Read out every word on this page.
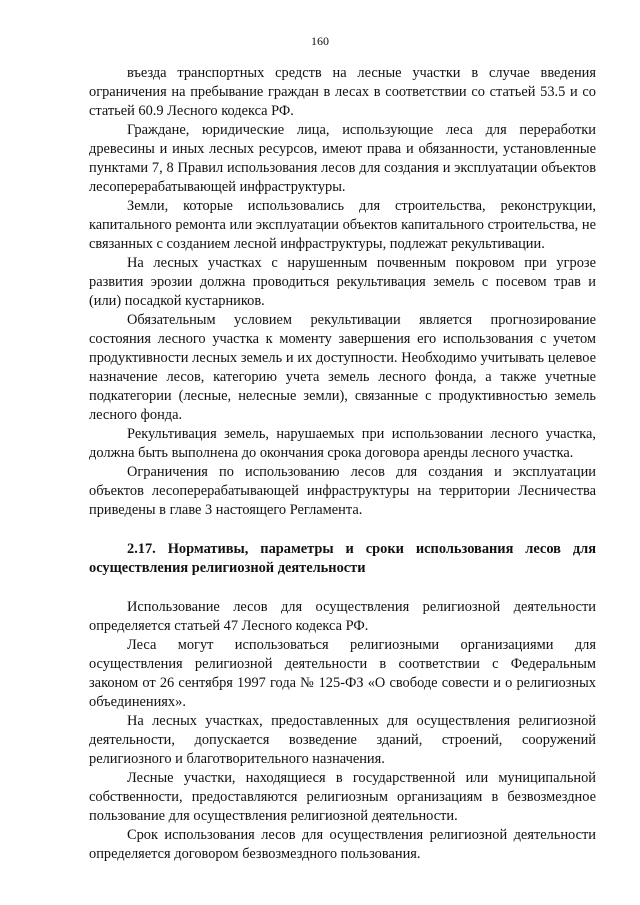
160

въезда транспортных средств на лесные участки в случае введения ограничения на пребывание граждан в лесах в соответствии со статьей 53.5 и со статьей 60.9 Лесного кодекса РФ.

Граждане, юридические лица, использующие леса для переработки древесины и иных лесных ресурсов, имеют права и обязанности, установленные пунктами 7, 8 Правил использования лесов для создания и эксплуатации объектов лесоперерабатывающей инфраструктуры.

Земли, которые использовались для строительства, реконструкции, капитального ремонта или эксплуатации объектов капитального строительства, не связанных с созданием лесной инфраструктуры, подлежат рекультивации.

На лесных участках с нарушенным почвенным покровом при угрозе развития эрозии должна проводиться рекультивация земель с посевом трав и (или) посадкой кустарников.

Обязательным условием рекультивации является прогнозирование состояния лесного участка к моменту завершения его использования с учетом продуктивности лесных земель и их доступности. Необходимо учитывать целевое назначение лесов, категорию учета земель лесного фонда, а также учетные подкатегории (лесные, нелесные земли), связанные с продуктивностью земель лесного фонда.

Рекультивация земель, нарушаемых при использовании лесного участка, должна быть выполнена до окончания срока договора аренды лесного участка.

Ограничения по использованию лесов для создания и эксплуатации объектов лесоперерабатывающей инфраструктуры на территории Лесничества приведены в главе 3 настоящего Регламента.

2.17. Нормативы, параметры и сроки использования лесов для осуществления религиозной деятельности

Использование лесов для осуществления религиозной деятельности определяется статьей 47 Лесного кодекса РФ.

Леса могут использоваться религиозными организациями для осуществления религиозной деятельности в соответствии с Федеральным законом от 26 сентября 1997 года № 125-ФЗ «О свободе совести и о религиозных объединениях».

На лесных участках, предоставленных для осуществления религиозной деятельности, допускается возведение зданий, строений, сооружений религиозного и благотворительного назначения.

Лесные участки, находящиеся в государственной или муниципальной собственности, предоставляются религиозным организациям в безвозмездное пользование для осуществления религиозной деятельности.

Срок использования лесов для осуществления религиозной деятельности определяется договором безвозмездного пользования.
